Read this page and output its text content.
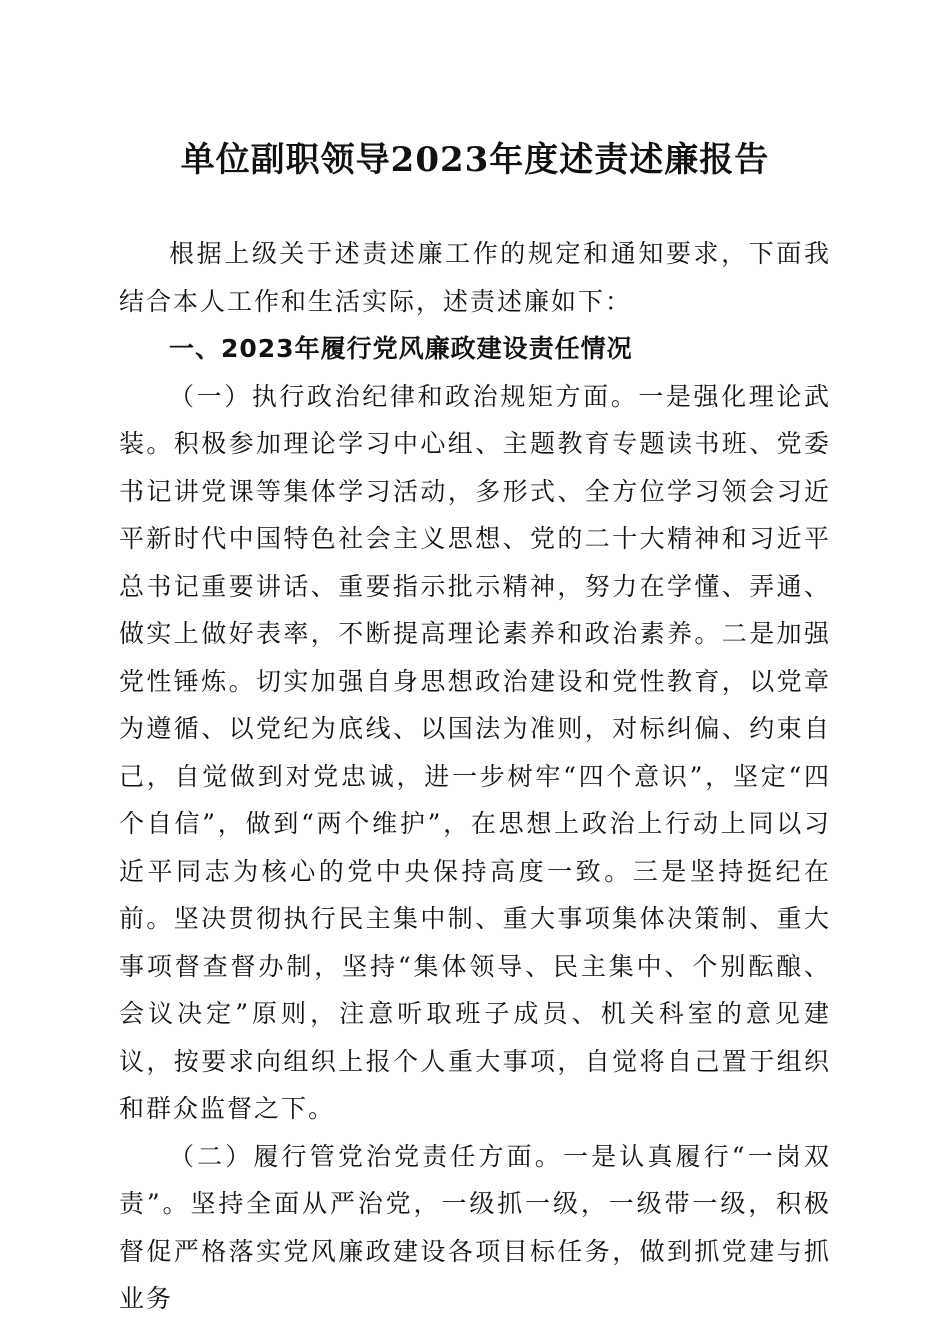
单位副职领导2023年度述责述廉报告

根据上级关于述责述廉工作的规定和通知要求，下面我结合本人工作和生活实际，述责述廉如下：

一、2023年履行党风廉政建设责任情况

（一）执行政治纪律和政治规矩方面。一是强化理论武装。积极参加理论学习中心组、主题教育专题读书班、党委书记讲党课等集体学习活动，多形式、全方位学习领会习近平新时代中国特色社会主义思想、党的二十大精神和习近平总书记重要讲话、重要指示批示精神，努力在学懂、弄通、做实上做好表率，不断提高理论素养和政治素养。二是加强党性锤炼。切实加强自身思想政治建设和党性教育，以党章为遵循、以党纪为底线、以国法为准则，对标纠偏、约束自己，自觉做到对党忠诚，进一步树牢“四个意识”，坚定“四个自信”，做到“两个维护”，在思想上政治上行动上同以习近平同志为核心的党中央保持高度一致。三是坚持挺纪在前。坚决贯彻执行民主集中制、重大事项集体决策制、重大事项督查督办制，坚持“集体领导、民主集中、个别酝酿、会议决定”原则，注意听取班子成员、机关科室的意见建议，按要求向组织上报个人重大事项，自觉将自己置于组织和群众监督之下。

（二）履行管党治党责任方面。一是认真履行“一岗双责”。坚持全面从严治党，一级抓一级，一级带一级，积极督促严格落实党风廉政建设各项目标任务，做到抓党建与抓业务
